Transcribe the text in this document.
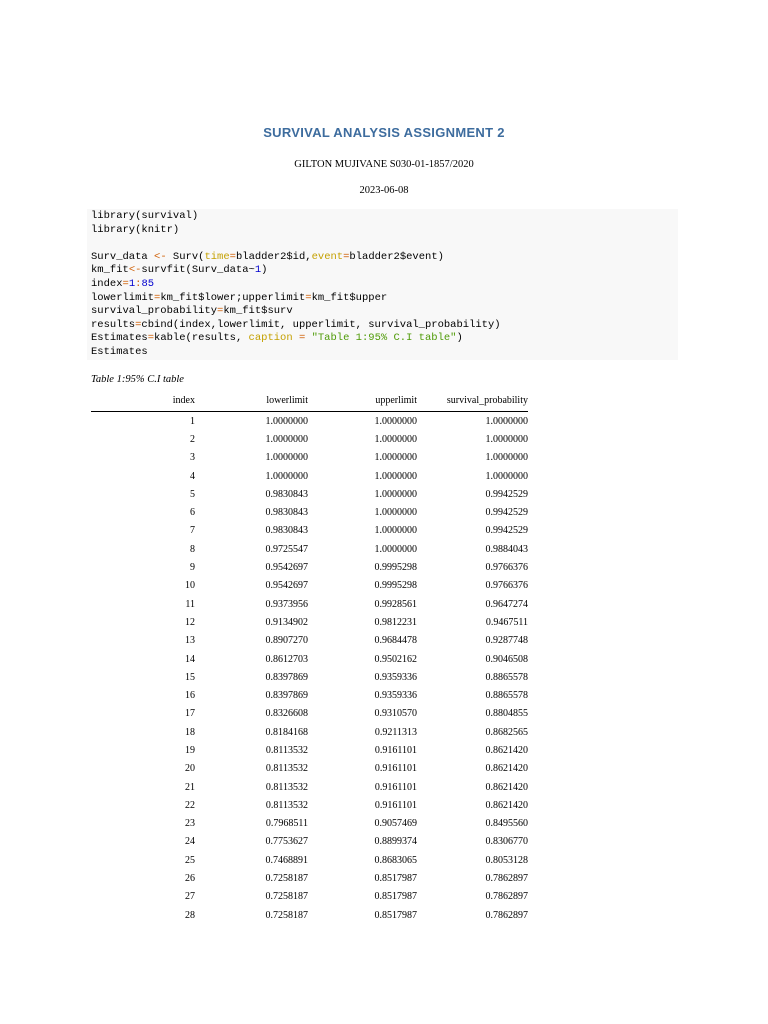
SURVIVAL ANALYSIS ASSIGNMENT 2
GILTON MUJIVANE S030-01-1857/2020
2023-06-08
library(survival)
library(knitr)

Surv_data <- Surv(time=bladder2$id,event=bladder2$event)
km_fit<-survfit(Surv_data~1)
index=1:85
lowerlimit=km_fit$lower;upperlimit=km_fit$upper
survival_probability=km_fit$surv
results=cbind(index,lowerlimit, upperlimit, survival_probability)
Estimates=kable(results, caption = "Table 1:95% C.I table")
Estimates
Table 1:95% C.I table
index	lowerlimit	upperlimit	survival_probability
1	1.0000000	1.0000000	1.0000000
2	1.0000000	1.0000000	1.0000000
3	1.0000000	1.0000000	1.0000000
4	1.0000000	1.0000000	1.0000000
5	0.9830843	1.0000000	0.9942529
6	0.9830843	1.0000000	0.9942529
7	0.9830843	1.0000000	0.9942529
8	0.9725547	1.0000000	0.9884043
9	0.9542697	0.9995298	0.9766376
10	0.9542697	0.9995298	0.9766376
11	0.9373956	0.9928561	0.9647274
12	0.9134902	0.9812231	0.9467511
13	0.8907270	0.9684478	0.9287748
14	0.8612703	0.9502162	0.9046508
15	0.8397869	0.9359336	0.8865578
16	0.8397869	0.9359336	0.8865578
17	0.8326608	0.9310570	0.8804855
18	0.8184168	0.9211313	0.8682565
19	0.8113532	0.9161101	0.8621420
20	0.8113532	0.9161101	0.8621420
21	0.8113532	0.9161101	0.8621420
22	0.8113532	0.9161101	0.8621420
23	0.7968511	0.9057469	0.8495560
24	0.7753627	0.8899374	0.8306770
25	0.7468891	0.8683065	0.8053128
26	0.7258187	0.8517987	0.7862897
27	0.7258187	0.8517987	0.7862897
28	0.7258187	0.8517987	0.7862897
